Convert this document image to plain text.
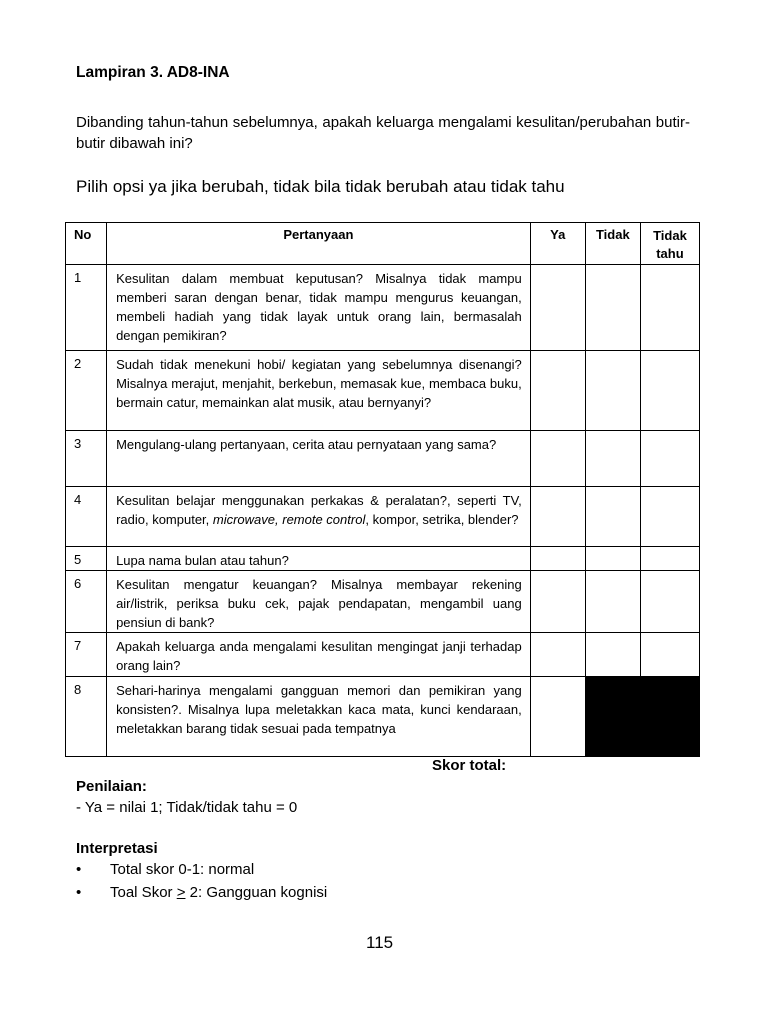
Lampiran 3. AD8-INA
Dibanding tahun-tahun sebelumnya, apakah keluarga mengalami kesulitan/perubahan butir-butir dibawah ini?
Pilih opsi ya jika berubah, tidak bila tidak berubah atau tidak tahu
No	Pertanyaan	Ya	Tidak	Tidak tahu
1	Kesulitan dalam membuat keputusan? Misalnya tidak mampu memberi saran dengan benar, tidak mampu mengurus keuangan, membeli hadiah yang tidak layak untuk orang lain, bermasalah dengan pemikiran?			
2	Sudah tidak menekuni hobi/ kegiatan yang sebelumnya disenangi? Misalnya merajut, menjahit, berkebun, memasak kue, membaca buku, bermain catur, memainkan alat musik, atau bernyanyi?			
3	Mengulang-ulang pertanyaan, cerita atau pernyataan yang sama?			
4	Kesulitan belajar menggunakan perkakas & peralatan?, seperti TV, radio, komputer, microwave, remote control, kompor, setrika, blender?			
5	Lupa nama bulan atau tahun?			
6	Kesulitan mengatur keuangan? Misalnya membayar rekening air/listrik, periksa buku cek, pajak pendapatan, mengambil uang pensiun di bank?			
7	Apakah keluarga anda mengalami kesulitan mengingat janji terhadap orang lain?			
8	Sehari-harinya mengalami gangguan memori dan pemikiran yang konsisten?. Misalnya lupa meletakkan kaca mata, kunci kendaraan, meletakkan barang tidak sesuai pada tempatnya			
Skor total:
Penilaian:
- Ya = nilai 1; Tidak/tidak tahu = 0
Interpretasi
• Total skor 0-1: normal
• Toal Skor ≥ 2: Gangguan kognisi
115
